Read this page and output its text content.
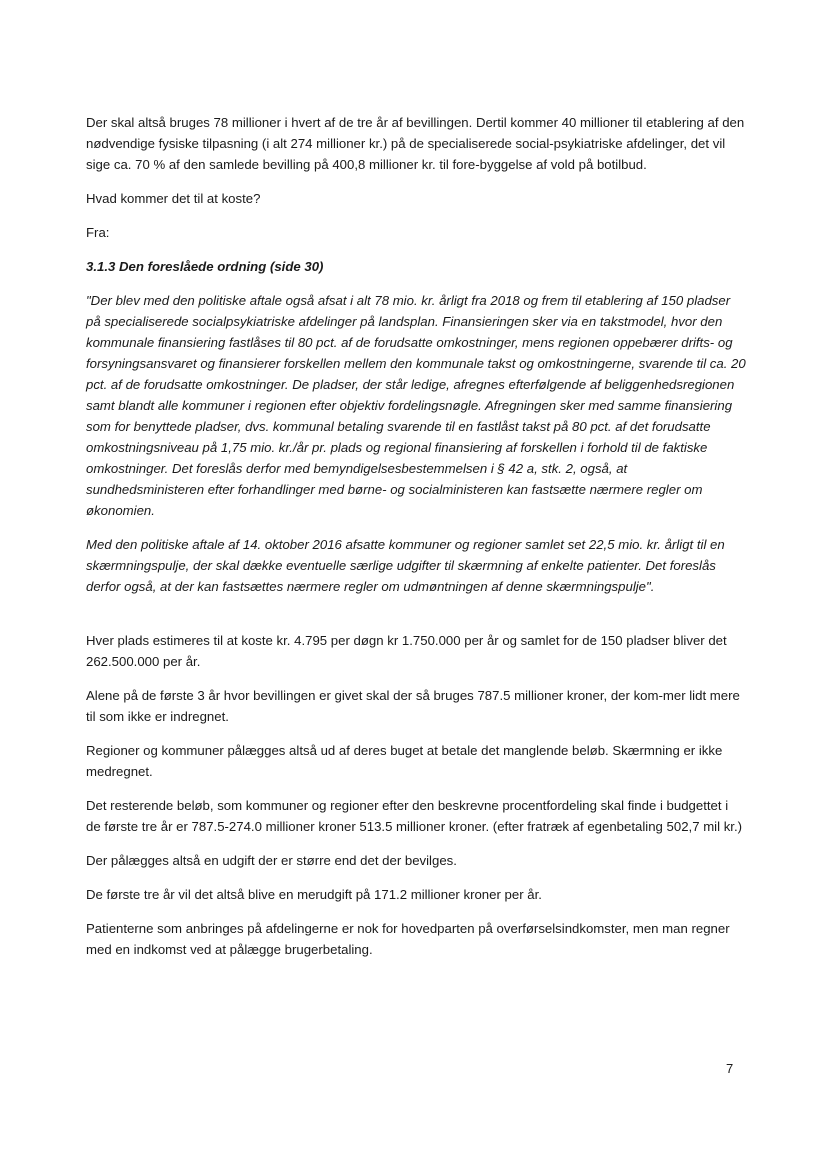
Der skal altså bruges 78 millioner i hvert af de tre år af bevillingen. Dertil kommer 40 millioner til etablering af den nødvendige fysiske tilpasning (i alt 274 millioner kr.) på de specialiserede social-psykiatriske afdelinger, det vil sige ca. 70 % af den samlede bevilling på 400,8 millioner kr. til fore-byggelse af vold på botilbud.

Hvad kommer det til at koste?

Fra:

3.1.3 Den foreslåede ordning (side 30)

"Der blev med den politiske aftale også afsat i alt 78 mio. kr. årligt fra 2018 og frem til etablering af 150 pladser på specialiserede socialpsykiatriske afdelinger på landsplan. Finansieringen sker via en takstmodel, hvor den kommunale finansiering fastlåses til 80 pct. af de forudsatte omkostninger, mens regionen oppebærer drifts- og forsyningsansvaret og finansierer forskellen mellem den kommunale takst og omkostningerne, svarende til ca. 20 pct. af de forudsatte omkostninger. De pladser, der står ledige, afregnes efterfølgende af beliggenhedsregionen samt blandt alle kommuner i regionen efter objektiv fordelingsnøgle. Afregningen sker med samme finansiering som for benyttede pladser, dvs. kommunal betaling svarende til en fastlåst takst på 80 pct. af det forudsatte omkostningsniveau på 1,75 mio. kr./år pr. plads og regional finansiering af forskellen i forhold til de faktiske omkostninger. Det foreslås derfor med bemyndigelsesbestemmelsen i § 42 a, stk. 2, også, at sundhedsministeren efter forhandlinger med børne- og socialministeren kan fastsætte nærmere regler om økonomien.

Med den politiske aftale af 14. oktober 2016 afsatte kommuner og regioner samlet set 22,5 mio. kr. årligt til en skærmningspulje, der skal dække eventuelle særlige udgifter til skærmning af enkelte patienter. Det foreslås derfor også, at der kan fastsættes nærmere regler om udmøntningen af denne skærmningspulje".

Hver plads estimeres til at koste kr. 4.795 per døgn kr 1.750.000 per år og samlet for de 150 pladser bliver det 262.500.000 per år.

Alene på de første 3 år hvor bevillingen er givet skal der så bruges 787.5 millioner kroner, der kom-mer lidt mere til som ikke er indregnet.

Regioner og kommuner pålægges altså ud af deres buget at betale det manglende beløb. Skærmning er ikke medregnet.

Det resterende beløb, som kommuner og regioner efter den beskrevne procentfordeling skal finde i budgettet i de første tre år er 787.5-274.0 millioner kroner 513.5 millioner kroner. (efter fratræk af egenbetaling 502,7 mil kr.)

Der pålægges altså en udgift der er større end det der bevilges.

De første tre år vil det altså blive en merudgift på 171.2 millioner kroner per år.

Patienterne som anbringes på afdelingerne er nok for hovedparten på overførselsindkomster, men man regner med en indkomst ved at pålægge brugerbetaling.

7
